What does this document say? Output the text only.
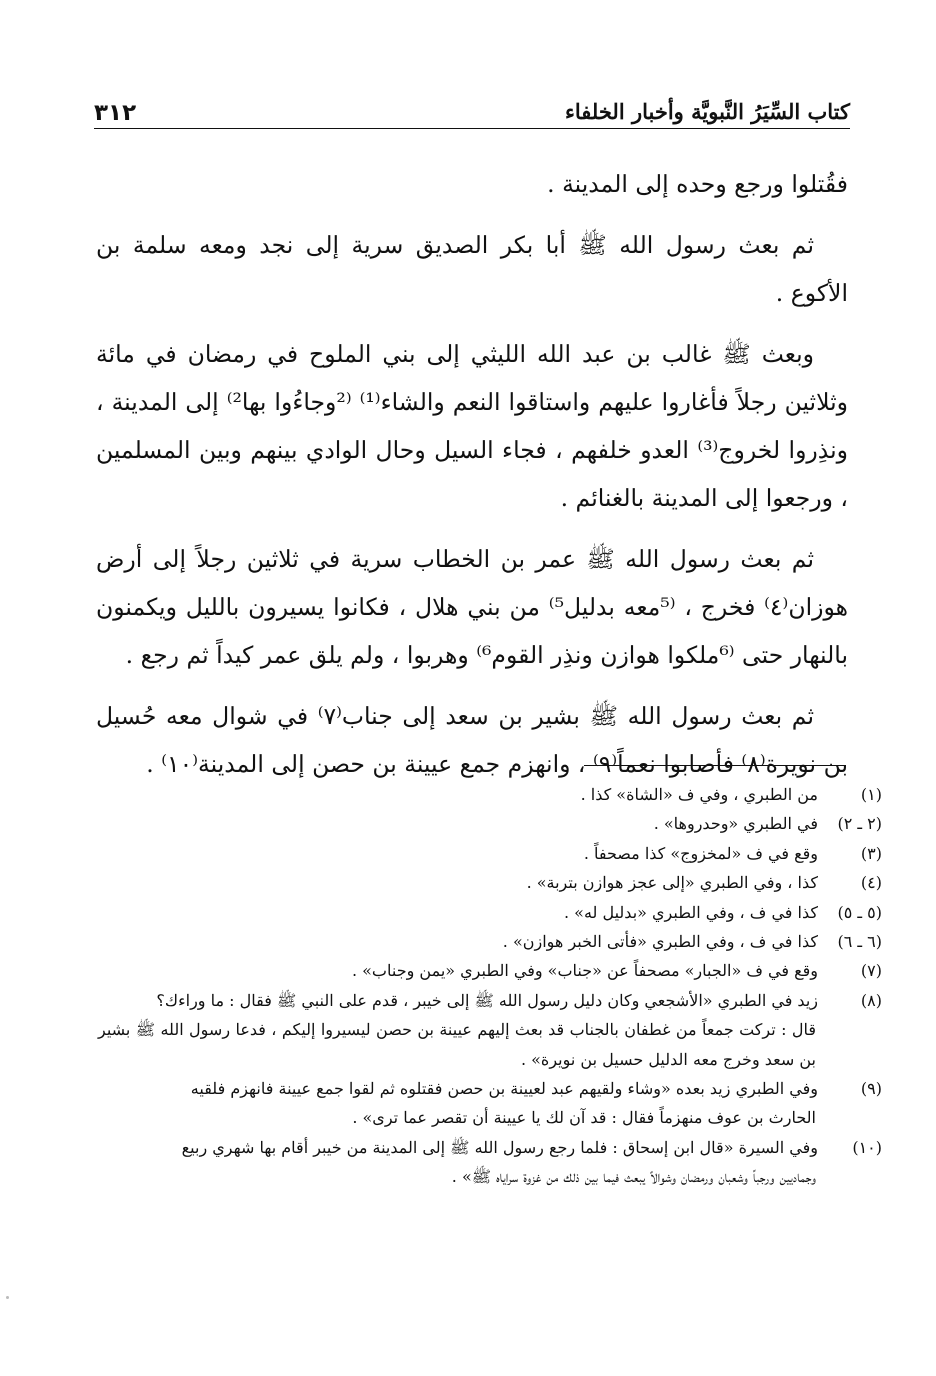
كتاب السِّيَرُ النَّبويَّة وأخبار الخلفاء
٣١٢

فقُتلوا ورجع وحده إلى المدينة .

ثم بعث رسول الله ﷺ أبا بكر الصديق سرية إلى نجد ومعه سلمة بن الأكوع .

وبعث ﷺ غالب بن عبد الله الليثي إلى بني الملوح في رمضان في مائة وثلاثين رجلاً فأغاروا عليهم واستاقوا النعم والشاء⁽¹⁾ ⁽²وجاءُوا بها²⁾ إلى المدينة ، ونذِروا لخروج⁽³⁾ العدو خلفهم ، فجاء السيل وحال الوادي بينهم وبين المسلمين ، ورجعوا إلى المدينة بالغنائم .

ثم بعث رسول الله ﷺ عمر بن الخطاب سرية في ثلاثين رجلاً إلى أرض هوزان⁽٤⁾ فخرج ، ⁽⁵معه بدليل⁵⁾ من بني هلال ، فكانوا يسيرون بالليل ويكمنون بالنهار حتى ⁽⁶ملكوا هوازن ونذِر القوم⁶⁾ وهربوا ، ولم يلق عمر كيداً ثم رجع .

ثم بعث رسول الله ﷺ بشير بن سعد إلى جناب⁽٧⁾ في شوال معه حُسيل بن نويرة⁽٨⁾ فأصابوا نعماً⁽٩⁾ ، وانهزم جمع عيينة بن حصن إلى المدينة⁽١٠⁾ .

(١)من الطبري ، وفي ف «الشاة» كذا .

(٢ ـ ٢)في الطبري «وحدروها» .

(٣)وقع في ف «لمخزوج» كذا مصحفاً .

(٤)كذا ، وفي الطبري «إلى عجز هوازن بتربة» .

(٥ ـ ٥)كذا في ف ، وفي الطبري «بدليل له» .

(٦ ـ ٦)كذا في ف ، وفي الطبري «فأتى الخبر هوازن» .

(٧)وقع في ف «الجبار» مصحفاً عن «جناب» وفي الطبري «يمن وجناب» .

(٨)زيد في الطبري «الأشجعي وكان دليل رسول الله ﷺ إلى خيبر ، قدم على النبي ﷺ فقال : ما وراءك؟

قال : تركت جمعاً من غطفان بالجناب قد بعث إليهم عيينة بن حصن ليسيروا إليكم ، فدعا رسول الله ﷺ بشير بن سعد وخرج معه الدليل حسيل بن نويرة» .

(٩)وفي الطبري زيد بعده «وشاء ولقيهم عبد لعيينة بن حصن فقتلوه ثم لقوا جمع عيينة فانهزم فلقيه

الحارث بن عوف منهزماً فقال : قد آن لك يا عيينة أن تقصر عما ترى» .

(١٠)وفي السيرة «قال ابن إسحاق : فلما رجع رسول الله ﷺ إلى المدينة من خيبر أقام بها شهري ربيع

وجماديين ورجباً وشعبان ورمضان وشوالاً يبعث فيما بين ذلك من غزوة سراياه ﷺ» .
